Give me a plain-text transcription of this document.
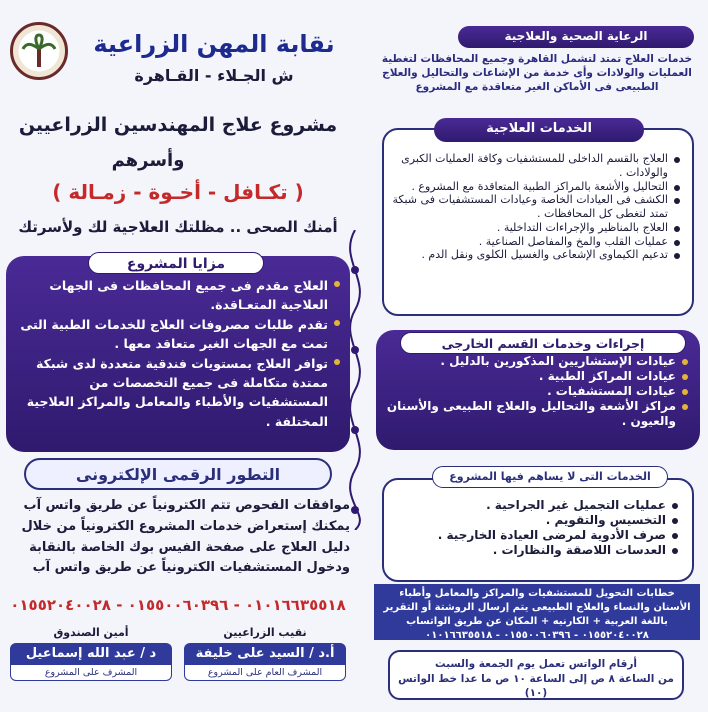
الرعاية الصحية والعلاجية
خدمات العلاج تمتد لتشمل القاهرة وجميع المحافظات لتغطية العمليات والولادات وأى خدمة من الإشاعات والتحاليل والعلاج الطبيعى فى الأماكن الغير متعاقدة مع المشروع
العلاج بالقسم الداخلى للمستشفيات وكافة العمليات الكبرى والولادات .
التحاليل والأشعة بالمراكز الطبية المتعاقدة مع المشروع .
الكشف فى العيادات الخاصة وعيادات المستشفيات فى شبكة تمتد لتغطى كل المحافظات .
العلاج بالمناظير والإجراءات التداخلية .
عمليات القلب والمخ والمفاصل الصناعية .
تدعيم الكيماوى الإشعاعى والغسيل الكلوى ونقل الدم .
الخدمات العلاجية
عيادات الإستشاريين المذكورين بالدليل .
عيادات المراكز الطبية .
عيادات المستشفيات .
مراكز الأشعة والتحاليل والعلاج الطبيعى والأسنان والعيون .
إجراءات وخدمات القسم الخارجى
عمليات التجميل غير الجراحية .
التخسيس والتقويم .
صرف الأدوية لمرضى العيادة الخارجية .
العدسات اللاصقة والنظارات .
الخدمات التى لا يساهم فيها المشروع
خطابات التحويل للمستشفيات والمراكز والمعامل وأطباء الأسنان والنساء والعلاج الطبيعى يتم إرسال الروشتة أو التقرير باللغة العربية + الكارنيه + المكان عن طريق الواتساب ٠١٥٥٢٠٤٠٠٢٨ - ٠١٥٥٠٠٦٠٣٩٦ - ٠١٠١٦٦٣٥٥١٨
أرقام الواتس تعمل يوم الجمعة والسبت
من الساعة ٨ ص إلى الساعة ١٠ ص ما عدا خط الواتس (١٠)
نقابة المهن الزراعية
ش الجـلاء - القـاهرة
مشروع علاج المهندسين الزراعيين
وأسرهم
( تكـافل - أخـوة - زمـالة )
أمنك الصحى .. مظلتك العلاجية لك ولأسرتك
العلاج مقدم فى جميع المحافظات فى الجهات العلاجية المتعـاقدة.
تقدم طلبات مصروفات العلاج للخدمات الطبية التى تمت مع الجهات الغير متعاقد معها .
توافر العلاج بمستويات فندقية متعددة لدى شبكة ممتدة متكاملة فى جميع التخصصات من المستشفيات والأطباء والمعامل والمراكز العلاجية المختلفة .
مزايا المشروع
التطور الرقمى الإلكترونى
موافقات الفحوص تتم الكترونياً عن طريق واتس آب يمكنك إستعراض خدمات المشروع الكترونياً من خلال دليل العلاج على صفحة الفيس بوك الخاصة بالنقابة ودخول المستشفيات الكترونياً عن طريق واتس آب
٠١٠١٦٦٣٥٥١٨ - ٠١٥٥٠٠٦٠٣٩٦ - ٠١٥٥٢٠٤٠٠٢٨
نقيب الزراعيين
أ.د / السيد على خليفة
المشرف العام على المشروع
أمين الصندوق
د / عبد الله إسماعيل
المشرف على المشروع
